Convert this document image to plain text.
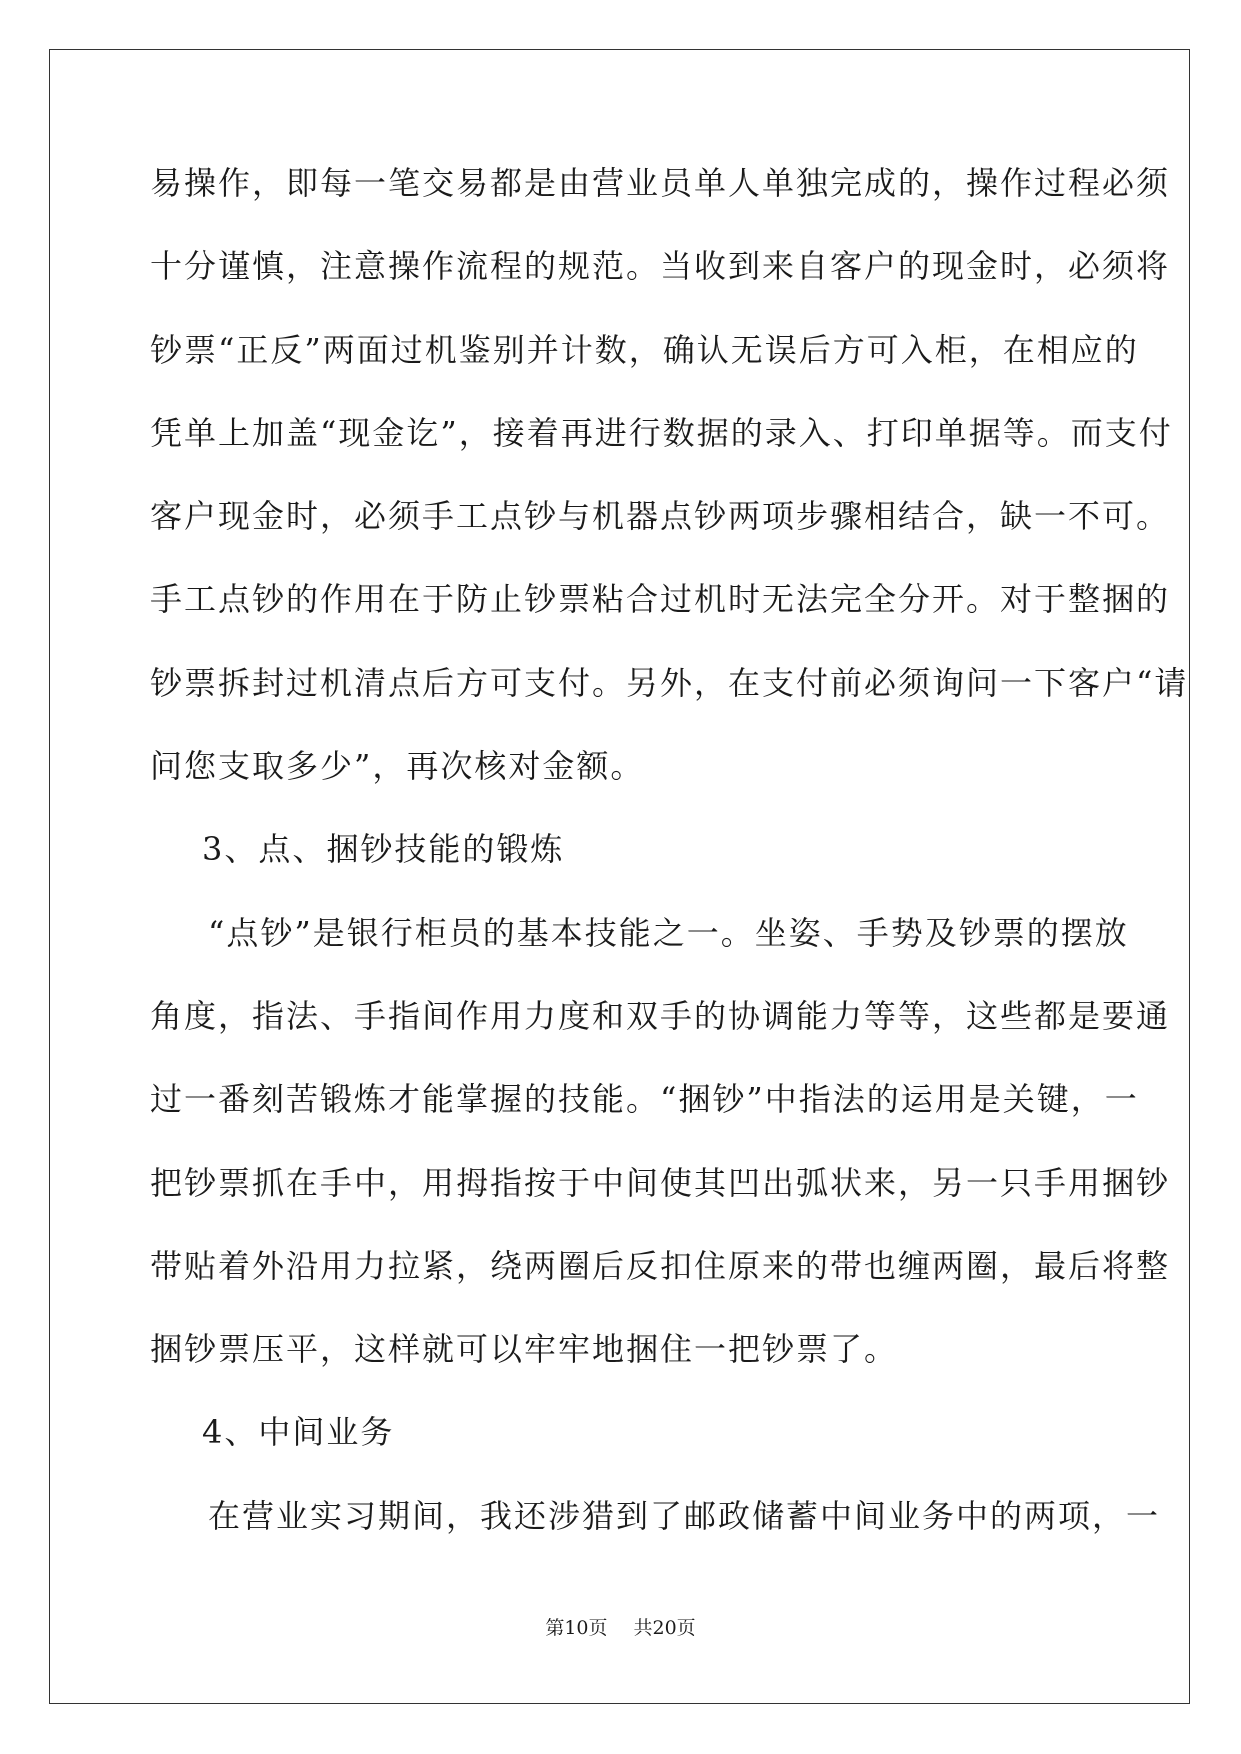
易操作，即每一笔交易都是由营业员单人单独完成的，操作过程必须
十分谨慎，注意操作流程的规范。当收到来自客户的现金时，必须将
钞票“正反”两面过机鉴别并计数，确认无误后方可入柜，在相应的
凭单上加盖“现金讫”，接着再进行数据的录入、打印单据等。而支付
客户现金时，必须手工点钞与机器点钞两项步骤相结合，缺一不可。
手工点钞的作用在于防止钞票粘合过机时无法完全分开。对于整捆的
钞票拆封过机清点后方可支付。另外，在支付前必须询问一下客户“请
问您支取多少”，再次核对金额。
3、点、捆钞技能的锻炼
“点钞”是银行柜员的基本技能之一。坐姿、手势及钞票的摆放
角度，指法、手指间作用力度和双手的协调能力等等，这些都是要通
过一番刻苦锻炼才能掌握的技能。“捆钞”中指法的运用是关键，一
把钞票抓在手中，用拇指按于中间使其凹出弧状来，另一只手用捆钞
带贴着外沿用力拉紧，绕两圈后反扣住原来的带也缠两圈，最后将整
捆钞票压平，这样就可以牢牢地捆住一把钞票了。
4、中间业务
在营业实习期间，我还涉猎到了邮政储蓄中间业务中的两项，一
第10页 共20页
